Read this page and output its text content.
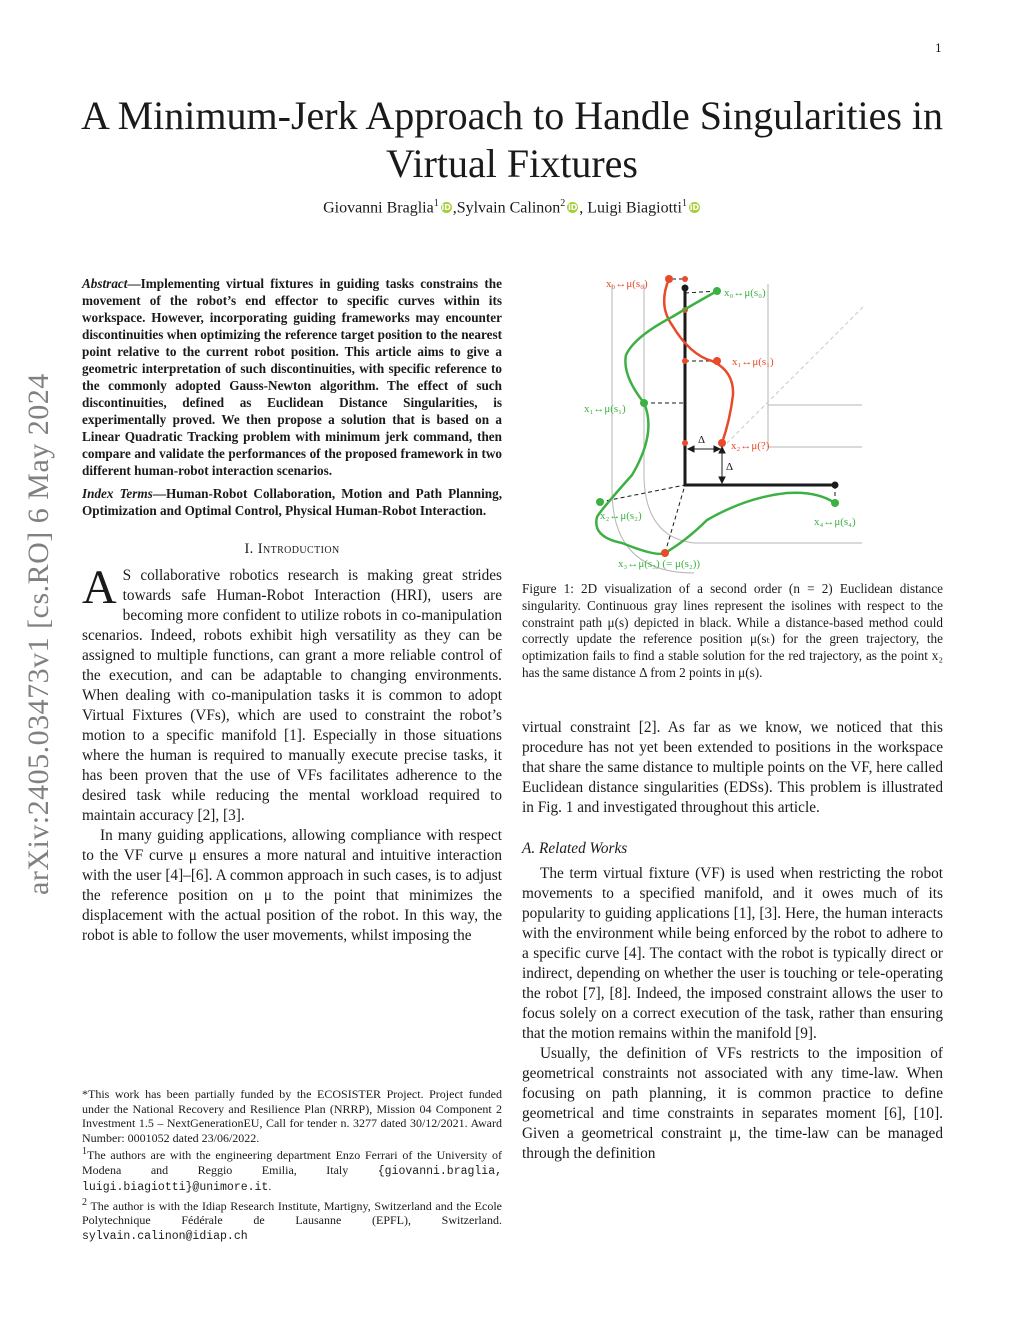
1
arXiv:2405.03473v1 [cs.RO] 6 May 2024
A Minimum-Jerk Approach to Handle Singularities in Virtual Fixtures
Giovanni Braglia$^1$ iD ,Sylvain Calinon$^2$ iD , Luigi Biagiotti$^1$ iD
Abstract—Implementing virtual fixtures in guiding tasks constrains the movement of the robot’s end effector to specific curves within its workspace. However, incorporating guiding frameworks may encounter discontinuities when optimizing the reference target position to the nearest point relative to the current robot position. This article aims to give a geometric interpretation of such discontinuities, with specific reference to the commonly adopted Gauss-Newton algorithm. The effect of such discontinuities, defined as Euclidean Distance Singularities, is experimentally proved. We then propose a solution that is based on a Linear Quadratic Tracking problem with minimum jerk command, then compare and validate the performances of the proposed framework in two different human-robot interaction scenarios.
Index Terms—Human-Robot Collaboration, Motion and Path Planning, Optimization and Optimal Control, Physical Human-Robot Interaction.
I. Introduction

A S collaborative robotics research is making great strides towards safe Human-Robot Interaction (HRI), users are becoming more confident to utilize robots in co-manipulation scenarios. Indeed, robots exhibit high versatility as they can be assigned to multiple functions, can grant a more reliable control of the execution, and can be adaptable to changing environments. When dealing with co-manipulation tasks it is common to adopt Virtual Fixtures (VFs), which are used to constraint the robot’s motion to a specific manifold [1]. Especially in those situations where the human is required to manually execute precise tasks, it has been proven that the use of VFs facilitates adherence to the desired task while reducing the mental workload required to maintain accuracy [2], [3].

In many guiding applications, allowing compliance with respect to the VF curve μ ensures a more natural and intuitive interaction with the user [4]–[6]. A common approach in such cases, is to adjust the reference position on μ to the point that minimizes the displacement with the actual position of the robot. In this way, the robot is able to follow the user movements, whilst imposing the

*This work has been partially funded by the ECOSISTER Project. Project funded under the National Recovery and Resilience Plan (NRRP), Mission 04 Component 2 Investment 1.5 – NextGenerationEU, Call for tender n. 3277 dated 30/12/2021. Award Number: 0001052 dated 23/06/2022.

$^1$The authors are with the engineering department Enzo Ferrari of the University of Modena and Reggio Emilia, Italy	{giovanni.braglia, luigi.biagiotti}@unimore.it.

$^2$ The author is with the Idiap Research Institute, Martigny, Switzerland and the Ecole Polytechnique Fédérale de Lausanne (EPFL), Switzerland. sylvain.calinon@idiap.ch

x₀↔μ(s₀)
x₀↔μ(s₀)
x₁↔μ(s₁)
x₁↔μ(s₁)
x₂↔μ(?)
Δ
Δ
x₂↔μ(s₂)
x₃↔μ(s₃) (= μ(s₂))
x₄↔μ(s₄)
Figure 1: 2D visualization of a second order (n = 2) Euclidean distance singularity. Continuous gray lines represent the isolines with respect to the constraint path μ(s) depicted in black. While a distance-based method could correctly update the reference position μ(sₜ) for the green trajectory, the optimization fails to find a stable solution for the red trajectory, as the point x₂ has the same distance Δ from 2 points in μ(s).

virtual constraint [2]. As far as we know, we noticed that this procedure has not yet been extended to positions in the workspace that share the same distance to multiple points on the VF, here called Euclidean distance singularities (EDSs). This problem is illustrated in Fig. 1 and investigated throughout this article.

A. Related Works

The term virtual fixture (VF) is used when restricting the robot movements to a specified manifold, and it owes much of its popularity to guiding applications [1], [3]. Here, the human interacts with the environment while being enforced by the robot to adhere to a specific curve [4]. The contact with the robot is typically direct or indirect, depending on whether the user is touching or tele-operating the robot [7], [8]. Indeed, the imposed constraint allows the user to focus solely on a correct execution of the task, rather than ensuring that the motion remains within the manifold [9].

Usually, the definition of VFs restricts to the imposition of geometrical constraints not associated with any time-law. When focusing on path planning, it is common practice to define geometrical and time constraints in separates moment [6], [10]. Given a geometrical constraint μ, the time-law can be managed through the definition
